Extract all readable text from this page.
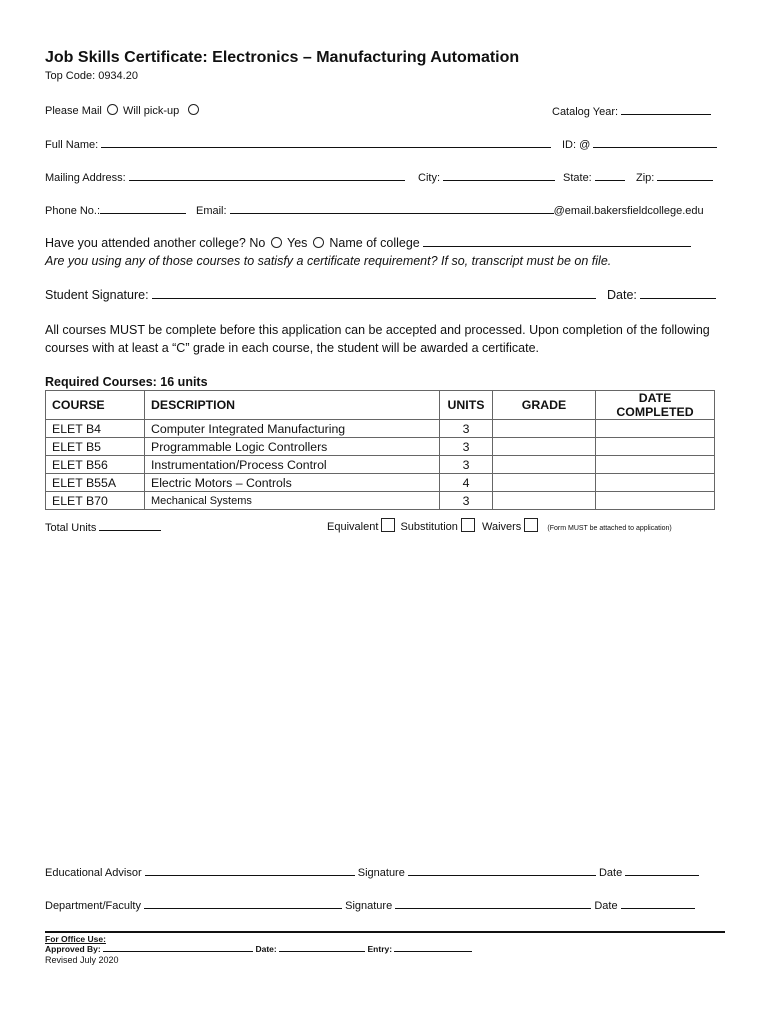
Job Skills Certificate: Electronics – Manufacturing Automation
Top Code: 0934.20
Please Mail Will pick-up	Catalog Year:
Full Name:	ID: @
Mailing Address:	City:	State:	Zip:
Phone No.:	Email:	@email.bakersfieldcollege.edu
Have you attended another college? No Yes Name of college
Are you using any of those courses to satisfy a certificate requirement? If so, transcript must be on file.
Student Signature:	Date:
All courses MUST be complete before this application can be accepted and processed. Upon completion of the following
courses with at least a “C” grade in each course, the student will be awarded a certificate.
Required Courses: 16 units
COURSE	DESCRIPTION	UNITS	GRADE	DATE COMPLETED
ELET B4	Computer Integrated Manufacturing	3		
ELET B5	Programmable Logic Controllers	3		
ELET B56	Instrumentation/Process Control	3		
ELET B55A	Electric Motors – Controls	4		
ELET B70	Mechanical Systems	3		
Total Units	Equivalent Substitution Waivers	(Form MUST be attached to application)
Educational Advisor	Signature	Date
Department/Faculty	Signature	Date
For Office Use:
Approved By:	Date:	Entry:
Revised July 2020
